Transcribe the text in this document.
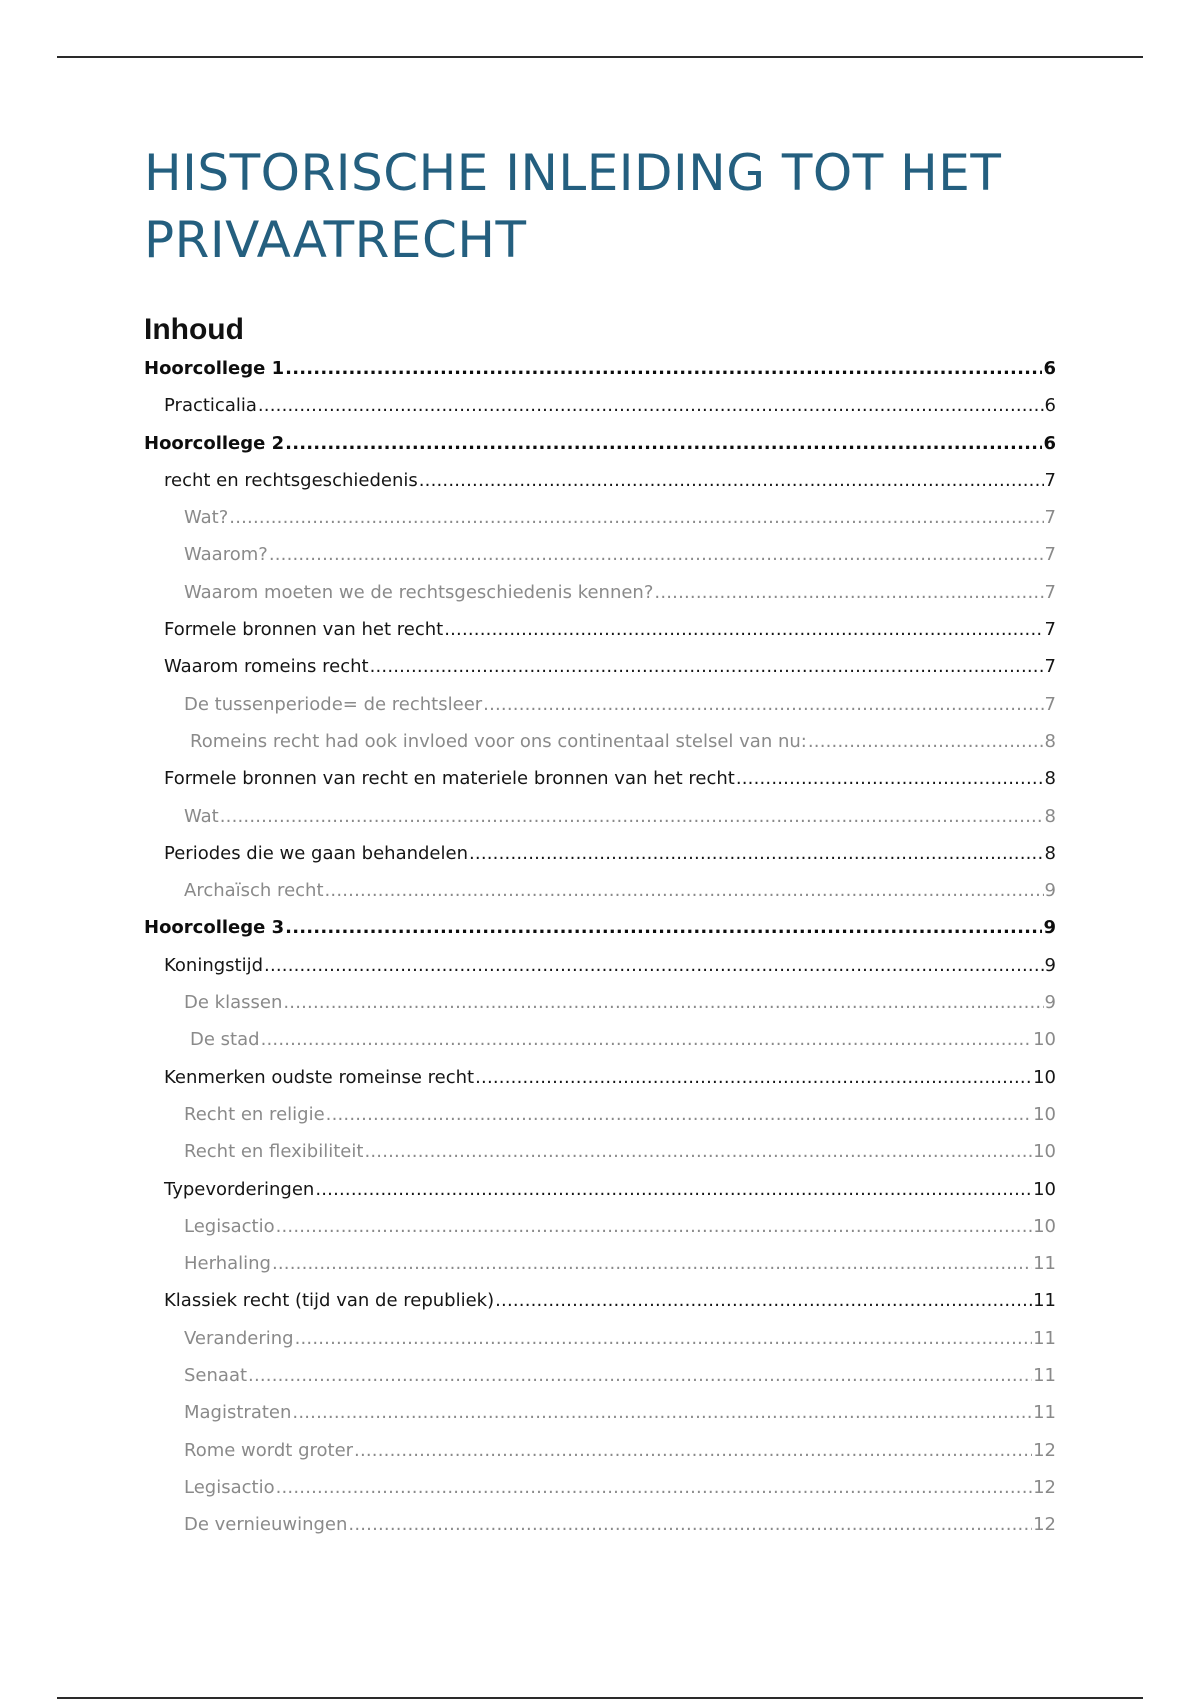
HISTORISCHE INLEIDING TOT HET PRIVAATRECHT
Inhoud
Hoorcollege 1 .....	6
Practicalia .....	6
Hoorcollege 2 .....	6
recht en rechtsgeschiedenis .....	7
Wat? .....	7
Waarom? .....	7
Waarom moeten we de rechtsgeschiedenis kennen? .....	7
Formele bronnen van het recht .....	7
Waarom romeins recht .....	7
De tussenperiode= de rechtsleer .....	7
Romeins recht had ook invloed voor ons continentaal stelsel van nu: .....	8
Formele bronnen van recht en materiele bronnen van het recht .....	8
Wat .....	8
Periodes die we gaan behandelen .....	8
Archaïsch recht .....	9
Hoorcollege 3 .....	9
Koningstijd .....	9
De klassen .....	9
De stad .....	10
Kenmerken oudste romeinse recht .....	10
Recht en religie .....	10
Recht en flexibiliteit .....	10
Typevorderingen .....	10
Legisactio .....	10
Herhaling .....	11
Klassiek recht (tijd van de republiek) .....	11
Verandering .....	11
Senaat .....	11
Magistraten .....	11
Rome wordt groter .....	12
Legisactio .....	12
De vernieuwingen .....	12
